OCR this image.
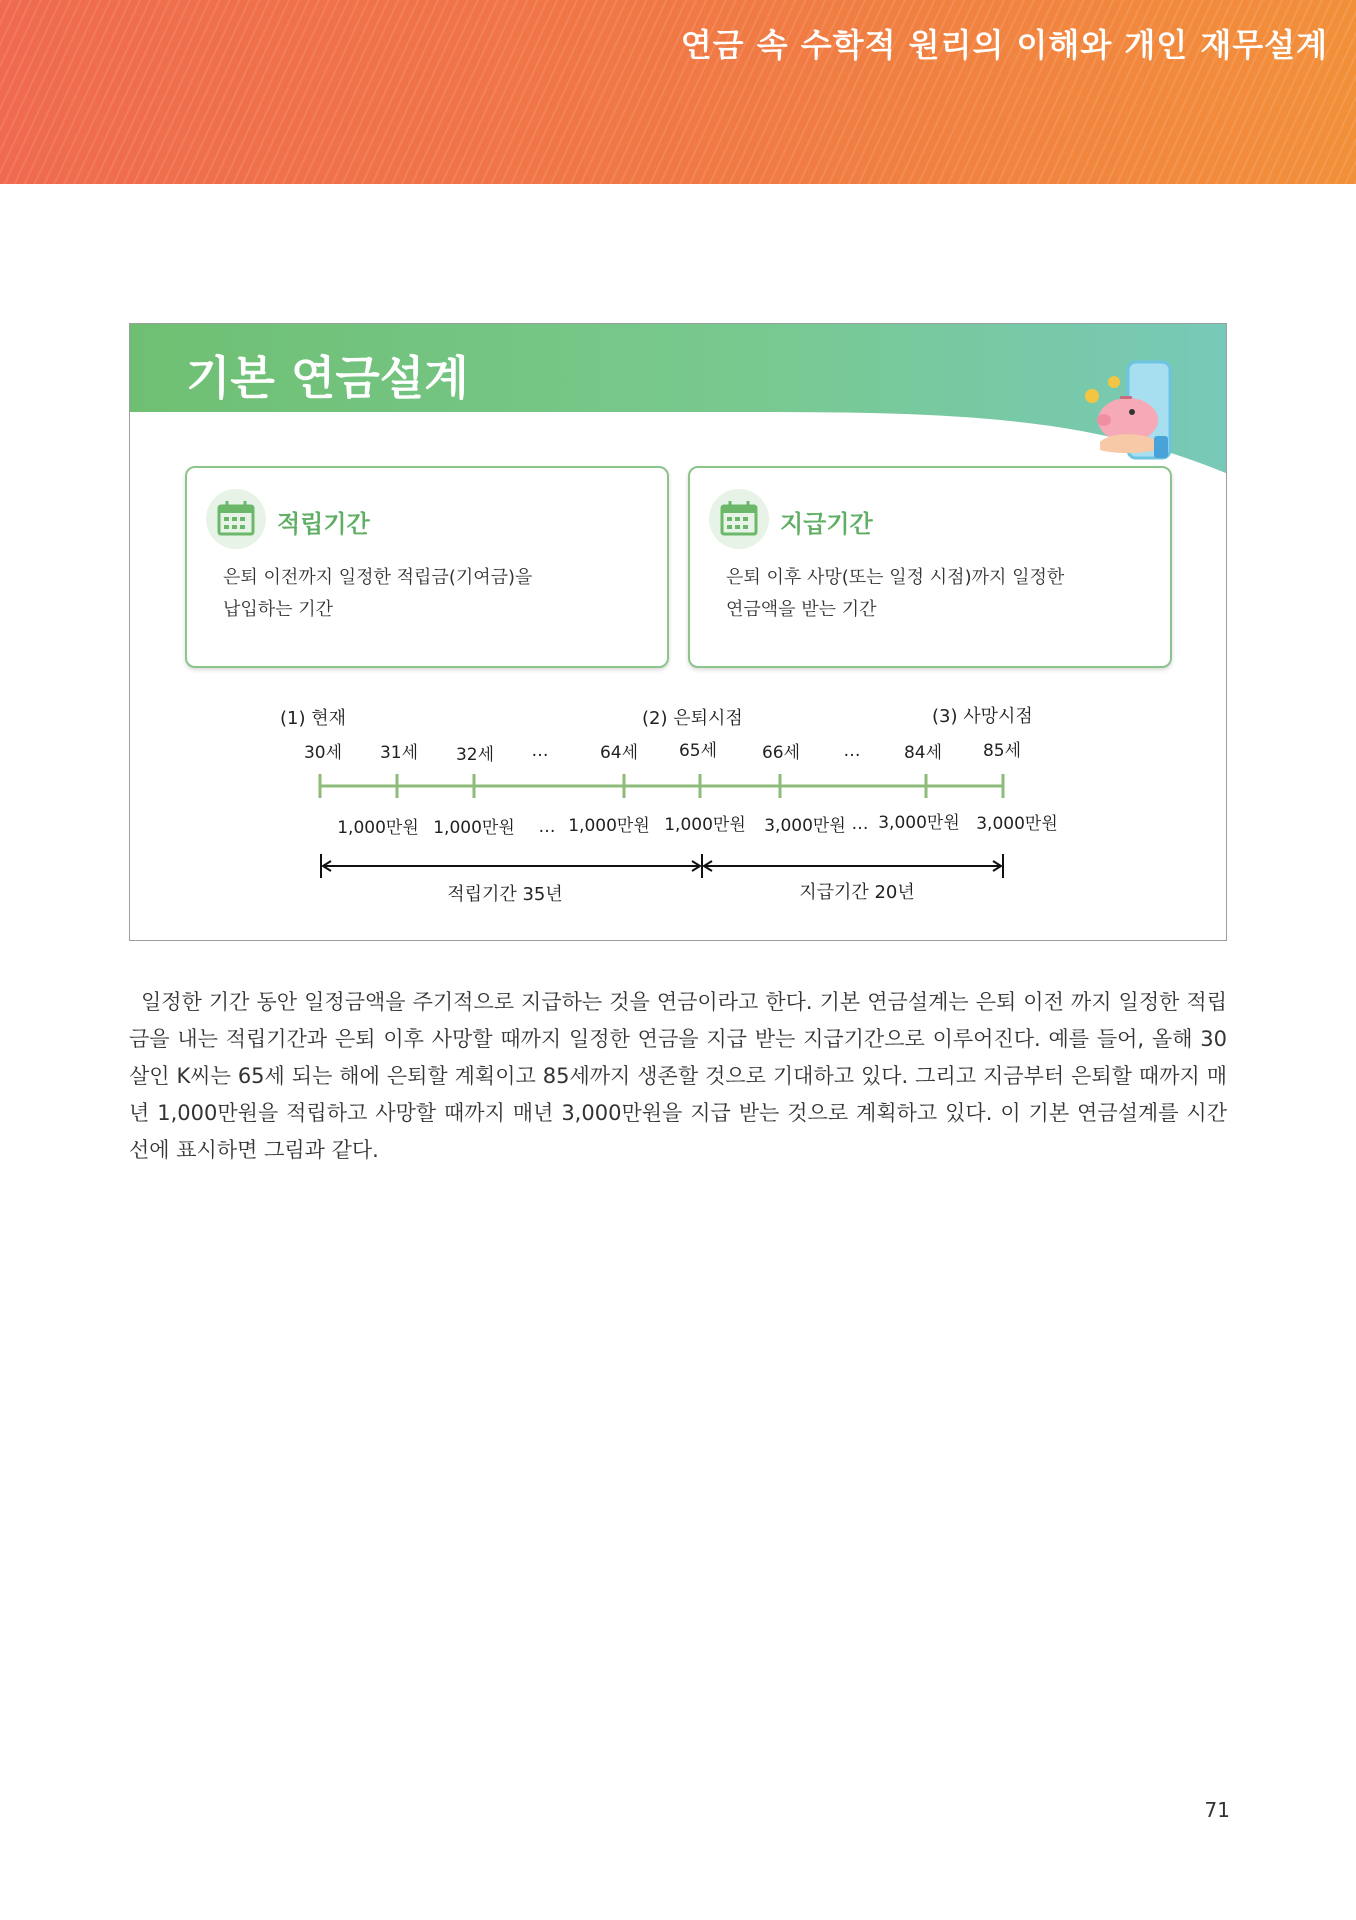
연금 속 수학적 원리의 이해와 개인 재무설계
기본 연금설계
적립기간
은퇴 이전까지 일정한 적립금(기여금)을
납입하는 기간
지급기간
은퇴 이후 사망(또는 일정 시점)까지 일정한
연금액을 받는 기간
(1) 현재	(2) 은퇴시점	(3) 사망시점
30세 31세 32세 …	64세 65세	66세	…	84세 85세
1,000만원 1,000만원 … 1,000만원 1,000만원 3,000만원 … 3,000만원 3,000만원
적립기간 35년	지급기간 20년
일정한 기간 동안 일정금액을 주기적으로 지급하는 것을 연금이라고 한다. 기본 연금설계는 은퇴 이전 까지 일정한 적립금을 내는 적립기간과 은퇴 이후 사망할 때까지 일정한 연금을 지급 받는 지급기간으로 이루어진다. 예를 들어, 올해 30살인 K씨는 65세 되는 해에 은퇴할 계획이고 85세까지 생존할 것으로 기대하고 있다. 그리고 지금부터 은퇴할 때까지 매년 1,000만원을 적립하고 사망할 때까지 매년 3,000만원을 지급 받는 것으로 계획하고 있다. 이 기본 연금설계를 시간선에 표시하면 그림과 같다.
71
